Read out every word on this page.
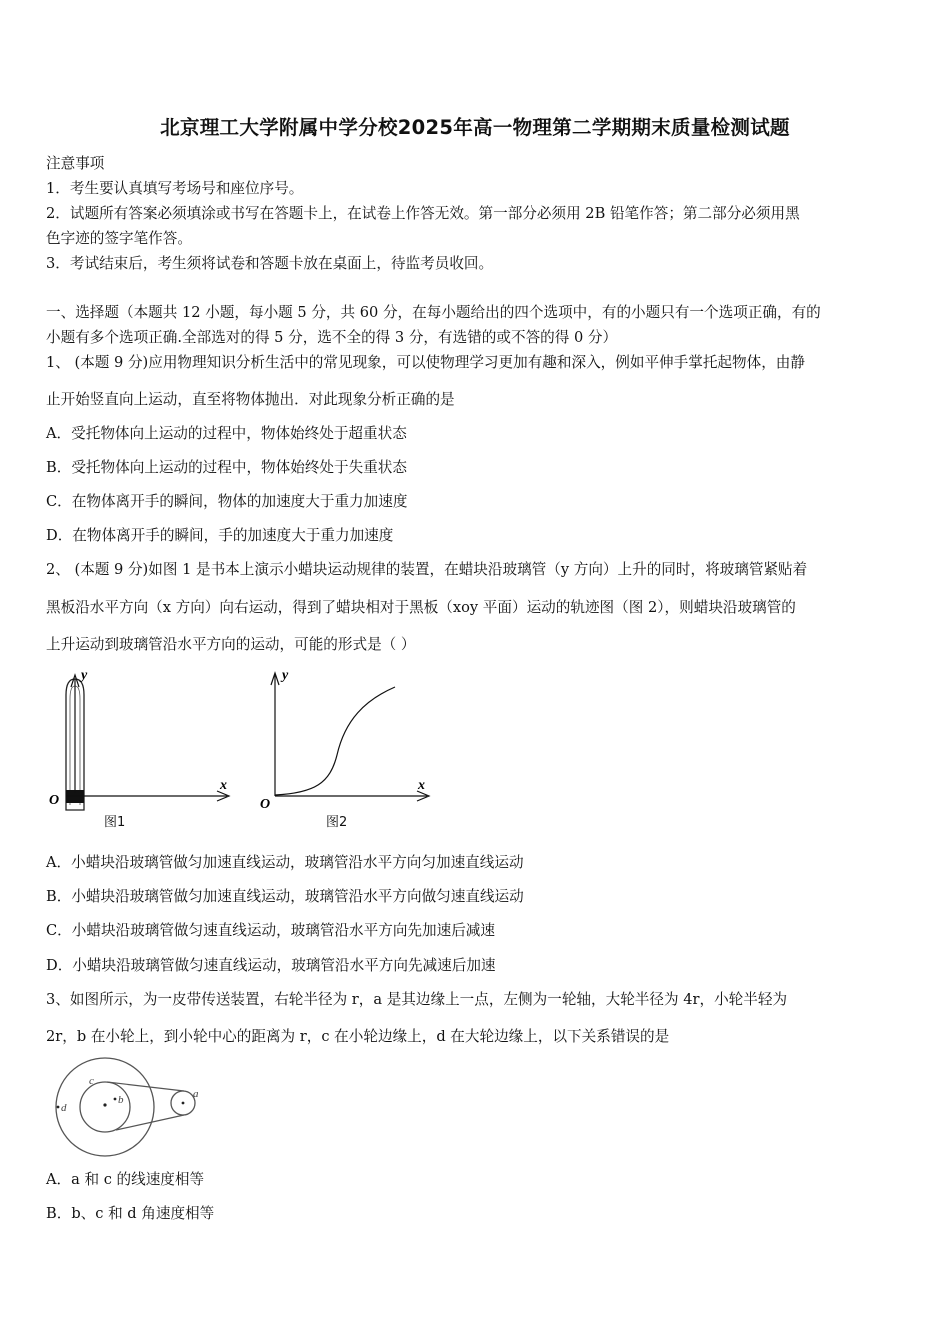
北京理工大学附属中学分校2025年高一物理第二学期期末质量检测试题
注意事项
1．考生要认真填写考场号和座位序号。
2．试题所有答案必须填涂或书写在答题卡上，在试卷上作答无效。第一部分必须用 2B 铅笔作答；第二部分必须用黑
色字迹的签字笔作答。
3．考试结束后，考生须将试卷和答题卡放在桌面上，待监考员收回。
一、选择题（本题共 12 小题，每小题 5 分，共 60 分，在每小题给出的四个选项中，有的小题只有一个选项正确，有的
小题有多个选项正确.全部选对的得 5 分，选不全的得 3 分，有选错的或不答的得 0 分）
1、 (本题 9 分)应用物理知识分析生活中的常见现象，可以使物理学习更加有趣和深入，例如平伸手掌托起物体，由静
止开始竖直向上运动，直至将物体抛出．对此现象分析正确的是
A．受托物体向上运动的过程中，物体始终处于超重状态
B．受托物体向上运动的过程中，物体始终处于失重状态
C．在物体离开手的瞬间，物体的加速度大于重力加速度
D．在物体离开手的瞬间，手的加速度大于重力加速度
2、 (本题 9 分)如图 1 是书本上演示小蜡块运动规律的装置，在蜡块沿玻璃管（y 方向）上升的同时，将玻璃管紧贴着
黑板沿水平方向（x 方向）向右运动，得到了蜡块相对于黑板（xoy 平面）运动的轨迹图（图 2），则蜡块沿玻璃管的
上升运动到玻璃管沿水平方向的运动，可能的形式是（ ）
y
x
O
图1
y
x
O
图2
A．小蜡块沿玻璃管做匀加速直线运动，玻璃管沿水平方向匀加速直线运动
B．小蜡块沿玻璃管做匀加速直线运动，玻璃管沿水平方向做匀速直线运动
C．小蜡块沿玻璃管做匀速直线运动，玻璃管沿水平方向先加速后减速
D．小蜡块沿玻璃管做匀速直线运动，玻璃管沿水平方向先减速后加速
3、如图所示，为一皮带传送装置，右轮半径为 r，a 是其边缘上一点，左侧为一轮轴，大轮半径为 4r，小轮半轻为
2r，b 在小轮上，到小轮中心的距离为 r，c 在小轮边缘上，d 在大轮边缘上，以下关系错误的是
a
b
c
d
A．a 和 c 的线速度相等
B．b、c 和 d 角速度相等
